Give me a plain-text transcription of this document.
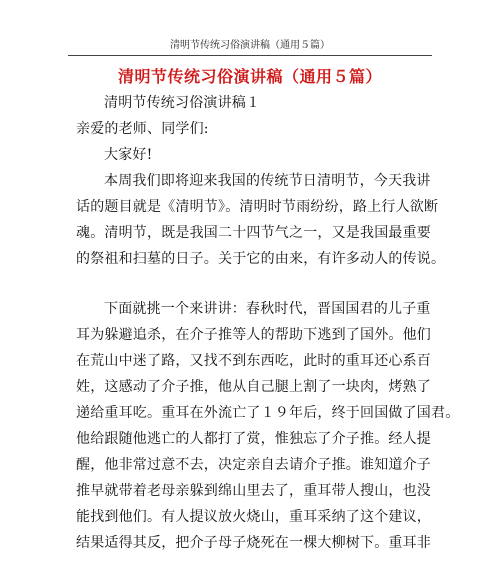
清明节传统习俗演讲稿（通用５篇）
清明节传统习俗演讲稿（通用５篇）
清明节传统习俗演讲稿１
亲爱的老师、同学们:
大家好!
本周我们即将迎来我国的传统节日清明节，今天我讲
话的题目就是《清明节》。清明时节雨纷纷，路上行人欲断
魂。清明节，既是我国二十四节气之一，又是我国最重要
的祭祖和扫墓的日子。关于它的由来，有许多动人的传说。
下面就挑一个来讲讲：春秋时代，晋国国君的儿子重
耳为躲避追杀，在介子推等人的帮助下逃到了国外。他们
在荒山中迷了路，又找不到东西吃，此时的重耳还心系百
姓，这感动了介子推，他从自己腿上割了一块肉，烤熟了
递给重耳吃。重耳在外流亡了１９年后，终于回国做了国君。
他给跟随他逃亡的人都打了赏，惟独忘了介子推。经人提
醒，他非常过意不去，决定亲自去请介子推。谁知道介子
推早就带着老母亲躲到绵山里去了，重耳带人搜山，也没
能找到他们。有人提议放火烧山，重耳采纳了这个建议，
结果适得其反，把介子母子烧死在一棵大柳树下。重耳非
